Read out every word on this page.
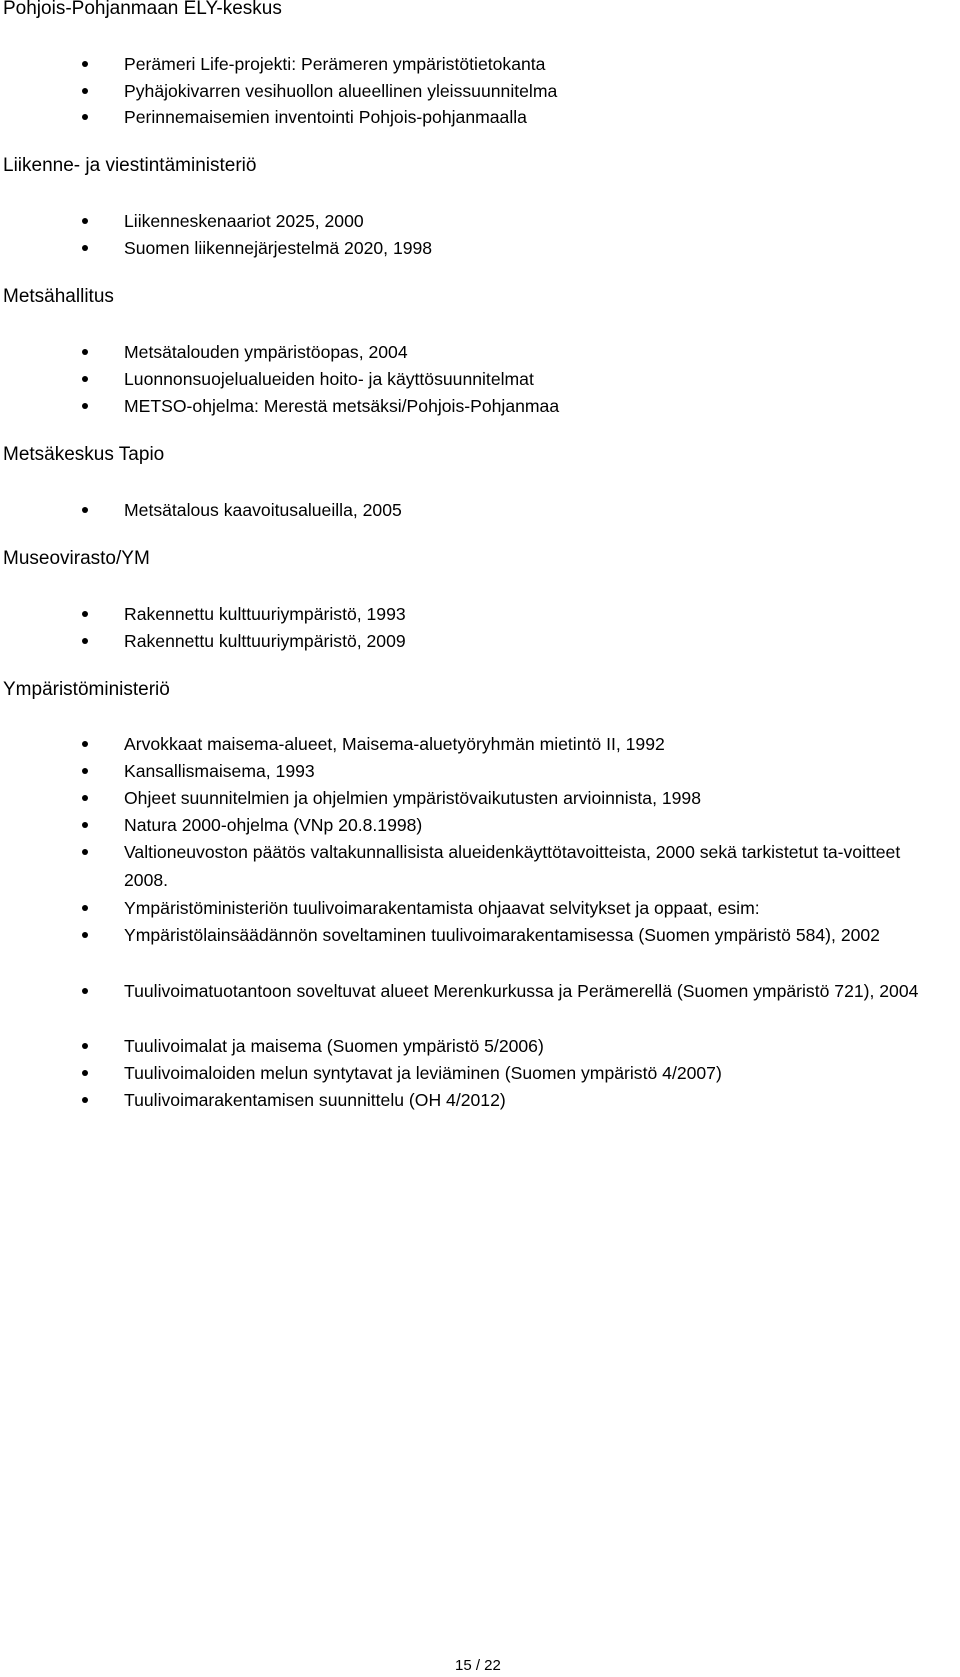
Pohjois-Pohjanmaan ELY-keskus
Perämeri Life-projekti: Perämeren ympäristötietokanta
Pyhäjokivarren vesihuollon alueellinen yleissuunnitelma
Perinnemaisemien inventointi Pohjois-pohjanmaalla
Liikenne- ja viestintäministeriö
Liikenneskenaariot 2025, 2000
Suomen liikennejärjestelmä 2020, 1998
Metsähallitus
Metsätalouden ympäristöopas, 2004
Luonnonsuojelualueiden hoito- ja käyttösuunnitelmat
METSO-ohjelma: Merestä metsäksi/Pohjois-Pohjanmaa
Metsäkeskus Tapio
Metsätalous kaavoitusalueilla, 2005
Museovirasto/YM
Rakennettu kulttuuriympäristö, 1993
Rakennettu kulttuuriympäristö, 2009
Ympäristöministeriö
Arvokkaat maisema-alueet, Maisema-aluetyöryhmän mietintö II, 1992
Kansallismaisema, 1993
Ohjeet suunnitelmien ja ohjelmien ympäristövaikutusten arvioinnista, 1998
Natura 2000-ohjelma (VNp 20.8.1998)
Valtioneuvoston päätös valtakunnallisista alueidenkäyttötavoitteista, 2000 sekä tarkistetut ta-voitteet 2008.
Ympäristöministeriön tuulivoimarakentamista ohjaavat selvitykset ja oppaat, esim:
Ympäristölainsäädännön soveltaminen tuulivoimarakentamisessa (Suomen ympäristö 584), 2002
Tuulivoimatuotantoon soveltuvat alueet Merenkurkussa ja Perämerellä (Suomen ympäristö 721), 2004
Tuulivoimalat ja maisema (Suomen ympäristö 5/2006)
Tuulivoimaloiden melun syntytavat ja leviäminen (Suomen ympäristö 4/2007)
Tuulivoimarakentamisen suunnittelu (OH 4/2012)
15 / 22
